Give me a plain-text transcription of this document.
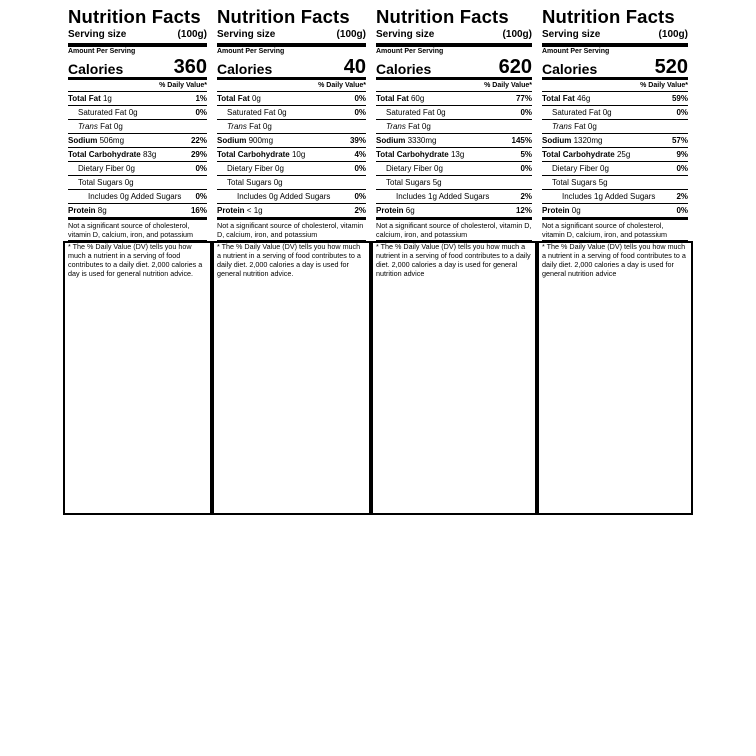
Nutrition Facts
Serving size	(100g)
Amount Per Serving
Calories	360
% Daily Value*
Total Fat 1g	1%
Saturated Fat 0g	0%
Trans Fat 0g
Sodium 506mg	22%
Total Carbohydrate 83g	29%
Dietary Fiber 0g	0%
Total Sugars 0g
Includes 0g Added Sugars 0%
Protein 8g	16%
Not a significant source of cholesterol, vitamin D, calcium, iron, and potassium
* The % Daily Value (DV) tells you how much a nutrient in a serving of food contributes to a daily diet. 2,000 calories a day is used for general nutrition advice.
Nutrition Facts
Serving size	(100g)
Amount Per Serving
Calories	40
% Daily Value*
Total Fat 0g	0%
Saturated Fat 0g	0%
Trans Fat 0g
Sodium 900mg	39%
Total Carbohydrate 10g	4%
Dietary Fiber 0g	0%
Total Sugars 0g
Includes 0g Added Sugars	0%
Protein < 1g	2%
Not a significant source of cholesterol, vitamin D, calcium, iron, and potassium
* The % Daily Value (DV) tells you how much a nutrient in a serving of food contributes to a daily diet. 2,000 calories a day is used for general nutrition advice.
Nutrition Facts
Serving size	(100g)
Amount Per Serving
Calories	620
% Daily Value*
Total Fat 60g	77%
Saturated Fat 0g	0%
Trans Fat 0g
Sodium 3330mg	145%
Total Carbohydrate 13g	5%
Dietary Fiber 0g	0%
Total Sugars 5g
Includes 1g Added Sugars	2%
Protein 6g	12%
Not a significant source of cholesterol, vitamin D, calcium, iron, and potassium
* The % Daily Value (DV) tells you how much a nutrient in a serving of food contributes to a daily diet. 2,000 calories a day is used for general nutrition advice
Nutrition Facts
Serving size	(100g)
Amount Per Serving
Calories	520
% Daily Value*
Total Fat 46g	59%
Saturated Fat 0g	0%
Trans Fat 0g
Sodium 1320mg	57%
Total Carbohydrate 25g	9%
Dietary Fiber 0g	0%
Total Sugars 5g
Includes 1g Added Sugars	2%
Protein 0g	0%
Not a significant source of cholesterol, vitamin D, calcium, iron, and potassium
* The % Daily Value (DV) tells you how much a nutrient in a serving of food contributes to a daily diet. 2,000 calories a day is used for general nutrition advice
